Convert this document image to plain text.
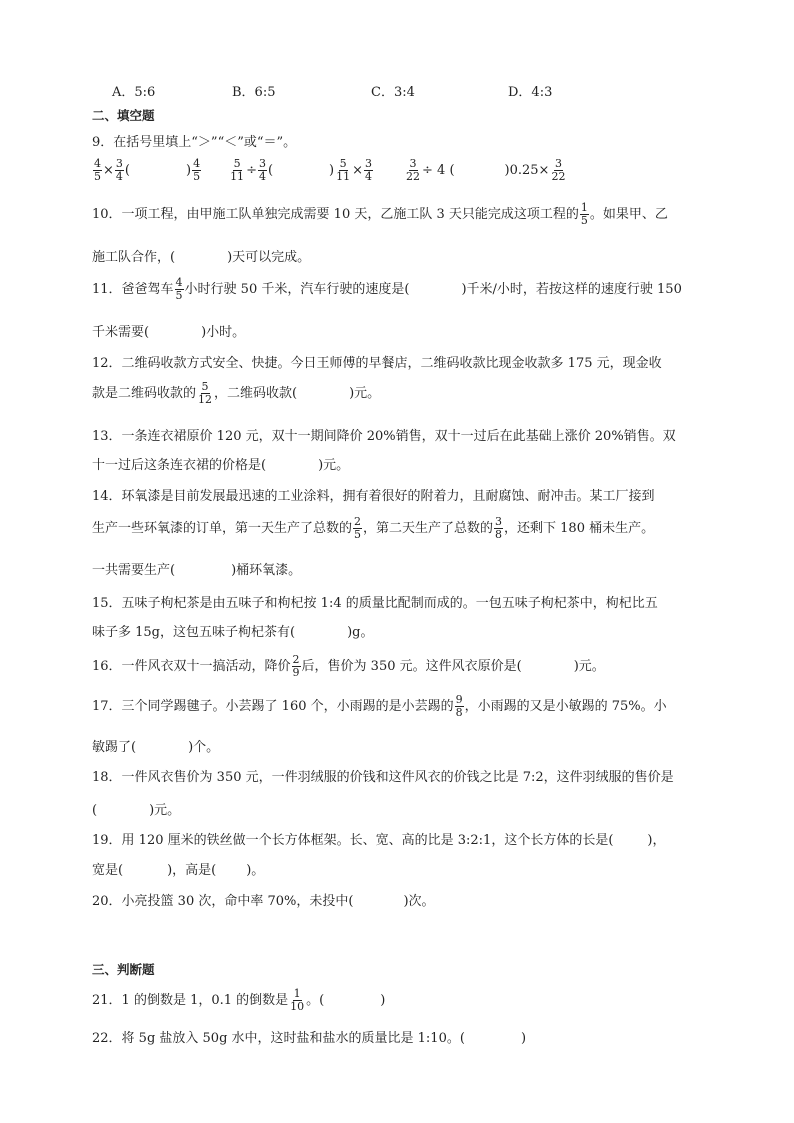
A．5:6	B．6:5	C．3:4	D．4:3
二、填空题
9．在括号里填上“＞”“＜”或“＝”。
$\frac{4}{5} \times \frac{3}{4}$ (	) $\frac{4}{5}$	$\frac{5}{11} \div \frac{3}{4}$ (	) $\frac{5}{11} \times \frac{3}{4}$	$\frac{3}{22} \div 4$ (	)$0.25\times \frac{3}{22}$
10．一项工程，由甲施工队单独完成需要 10 天，乙施工队 3 天只能完成这项工程的 $\frac{1}{5}$ 。如果甲、乙
施工队合作，(	)天可以完成。
11．爸爸驾车 $\frac{4}{5}$ 小时行驶 50 千米，汽车行驶的速度是(	)千米/小时，若按这样的速度行驶 150
千米需要(	)小时。
12．二维码收款方式安全、快捷。今日王师傅的早餐店，二维码收款比现金收款多 175 元，现金收
款是二维码收款的 $\frac{5}{12}$ ，二维码收款(	)元。
13．一条连衣裙原价 120 元，双十一期间降价 20%销售，双十一过后在此基础上涨价 20%销售。双
十一过后这条连衣裙的价格是(	)元。
14．环氧漆是目前发展最迅速的工业涂料，拥有着很好的附着力，且耐腐蚀、耐冲击。某工厂接到
生产一些环氧漆的订单，第一天生产了总数的 $\frac{2}{5}$ ，第二天生产了总数的 $\frac{3}{8}$ ，还剩下 180 桶未生产。
一共需要生产(	)桶环氧漆。
15．五味子枸杞茶是由五味子和枸杞按 1:4 的质量比配制而成的。一包五味子枸杞茶中，枸杞比五
味子多 15g，这包五味子枸杞茶有(	)g。
16．一件风衣双十一搞活动，降价 $\frac{2}{9}$ 后，售价为 350 元。这件风衣原价是(	)元。
17．三个同学踢毽子。小芸踢了 160 个，小雨踢的是小芸踢的 $\frac{9}{8}$ ，小雨踢的又是小敏踢的 75%。小
敏踢了(	)个。
18．一件风衣售价为 350 元，一件羽绒服的价钱和这件风衣的价钱之比是 7:2，这件羽绒服的售价是
(	)元。
19．用 120 厘米的铁丝做一个长方体框架。长、宽、高的比是 3:2:1，这个长方体的长是(	)，
宽是(	)，高是( )。
20．小亮投篮 30 次，命中率 70%，未投中(	)次。
三、判断题
21．1 的倒数是 1，0.1 的倒数是 $\frac{1}{10}$ 。(	)
22．将 5g 盐放入 50g 水中，这时盐和盐水的质量比是 1:10。(	)
